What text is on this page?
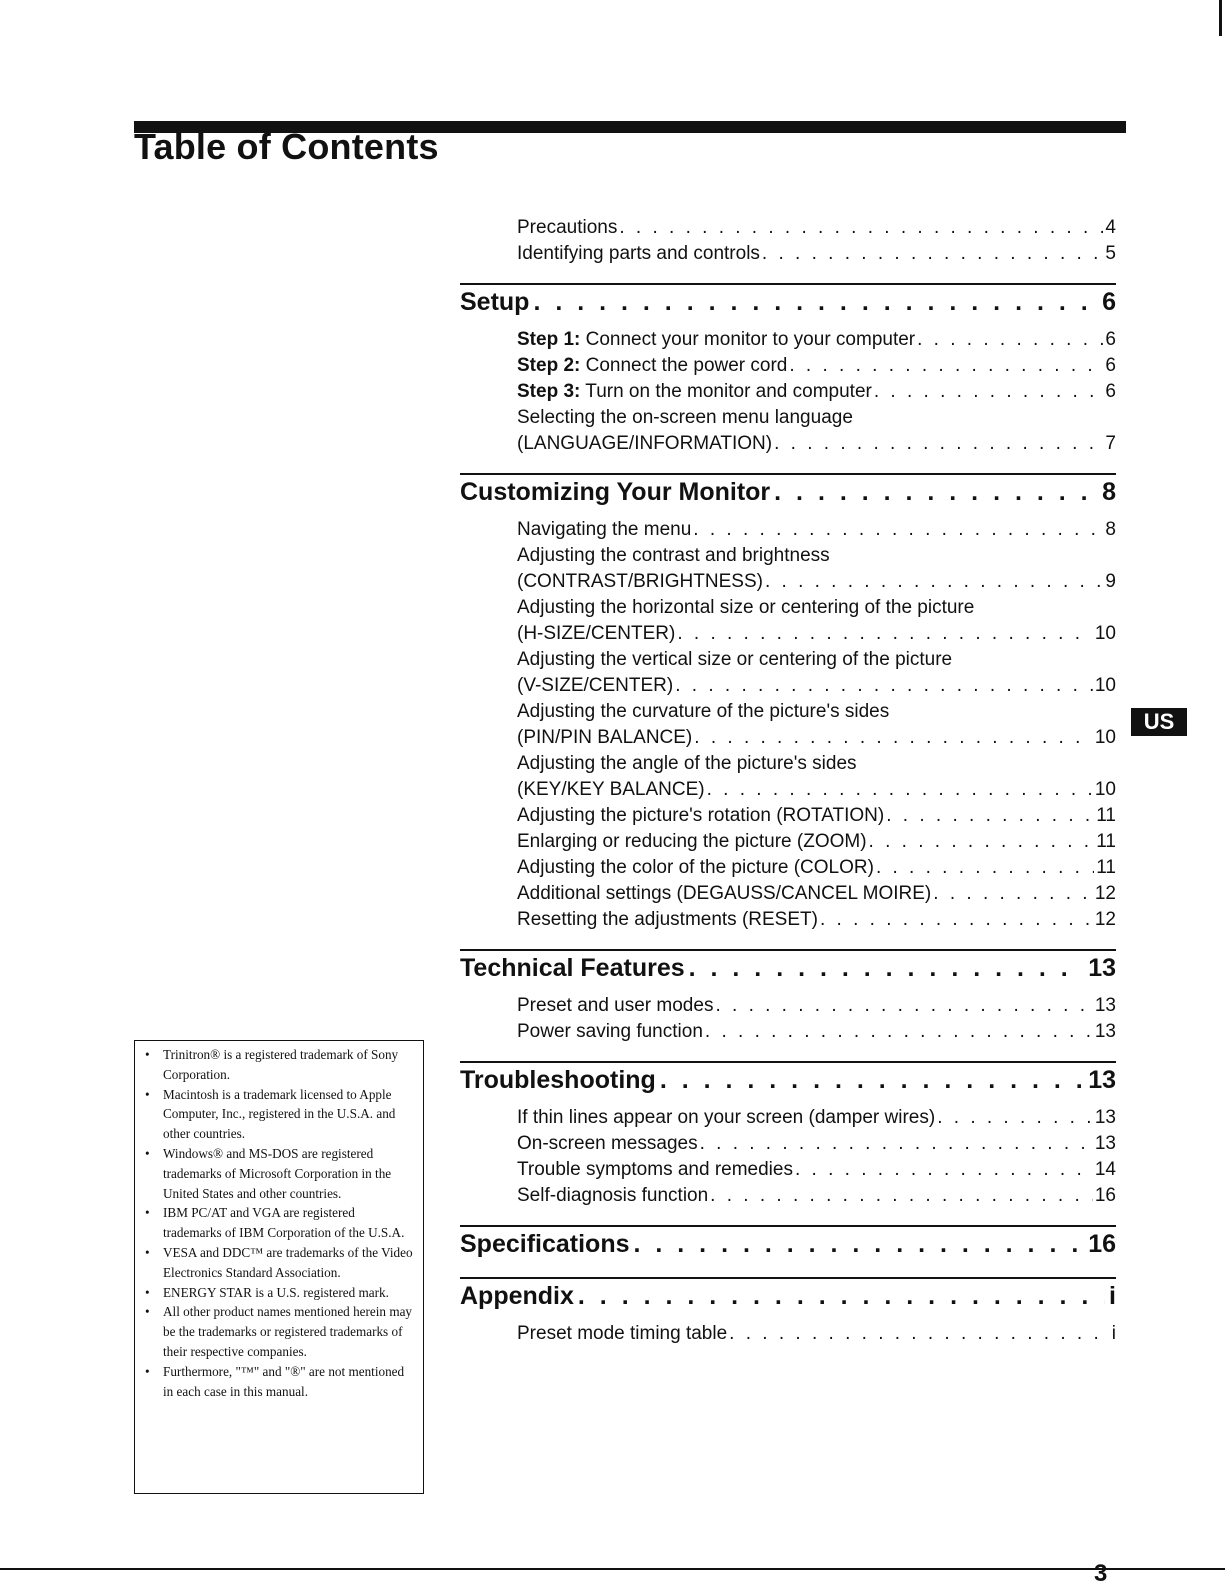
Table of Contents
Precautions . . .	4
Identifying parts and controls . . .	5
Setup . . .	6
Step 1: Connect your monitor to your computer . . .	6
Step 2: Connect the power cord . . .	6
Step 3: Turn on the monitor and computer . . .	6
Selecting the on-screen menu language
(LANGUAGE/INFORMATION) . . .	7
Customizing Your Monitor . . .	8
Navigating the menu . . .	8
Adjusting the contrast and brightness
(CONTRAST/BRIGHTNESS) . . .	9
Adjusting the horizontal size or centering of the picture
(H-SIZE/CENTER) . . .	10
Adjusting the vertical size or centering of the picture
(V-SIZE/CENTER) . . .	10
Adjusting the curvature of the picture's sides
(PIN/PIN BALANCE) . . .	10
Adjusting the angle of the picture's sides
(KEY/KEY BALANCE) . . .	10
Adjusting the picture's rotation (ROTATION) . . .	11
Enlarging or reducing the picture (ZOOM) . . .	11
Adjusting the color of the picture (COLOR) . . .	11
Additional settings (DEGAUSS/CANCEL MOIRE) . . .	12
Resetting the adjustments (RESET) . . .	12
Technical Features . . .	13
Preset and user modes . . .	13
Power saving function . . .	13
Troubleshooting . . .	13
If thin lines appear on your screen (damper wires) . . .	13
On-screen messages . . .	13
Trouble symptoms and remedies . . .	14
Self-diagnosis function . . .	16
Specifications . . .	16
Appendix . . .	i
Preset mode timing table . . .	i
US
• Trinitron® is a registered trademark of Sony Corporation.
• Macintosh is a trademark licensed to Apple Computer, Inc., registered in the U.S.A. and other countries.
• Windows® and MS-DOS are registered trademarks of Microsoft Corporation in the United States and other countries.
• IBM PC/AT and VGA are registered trademarks of IBM Corporation of the U.S.A.
• VESA and DDC™ are trademarks of the Video Electronics Standard Association.
• ENERGY STAR is a U.S. registered mark.
• All other product names mentioned herein may be the trademarks or registered trademarks of their respective companies.
• Furthermore, "™" and "®" are not mentioned in each case in this manual.
3
